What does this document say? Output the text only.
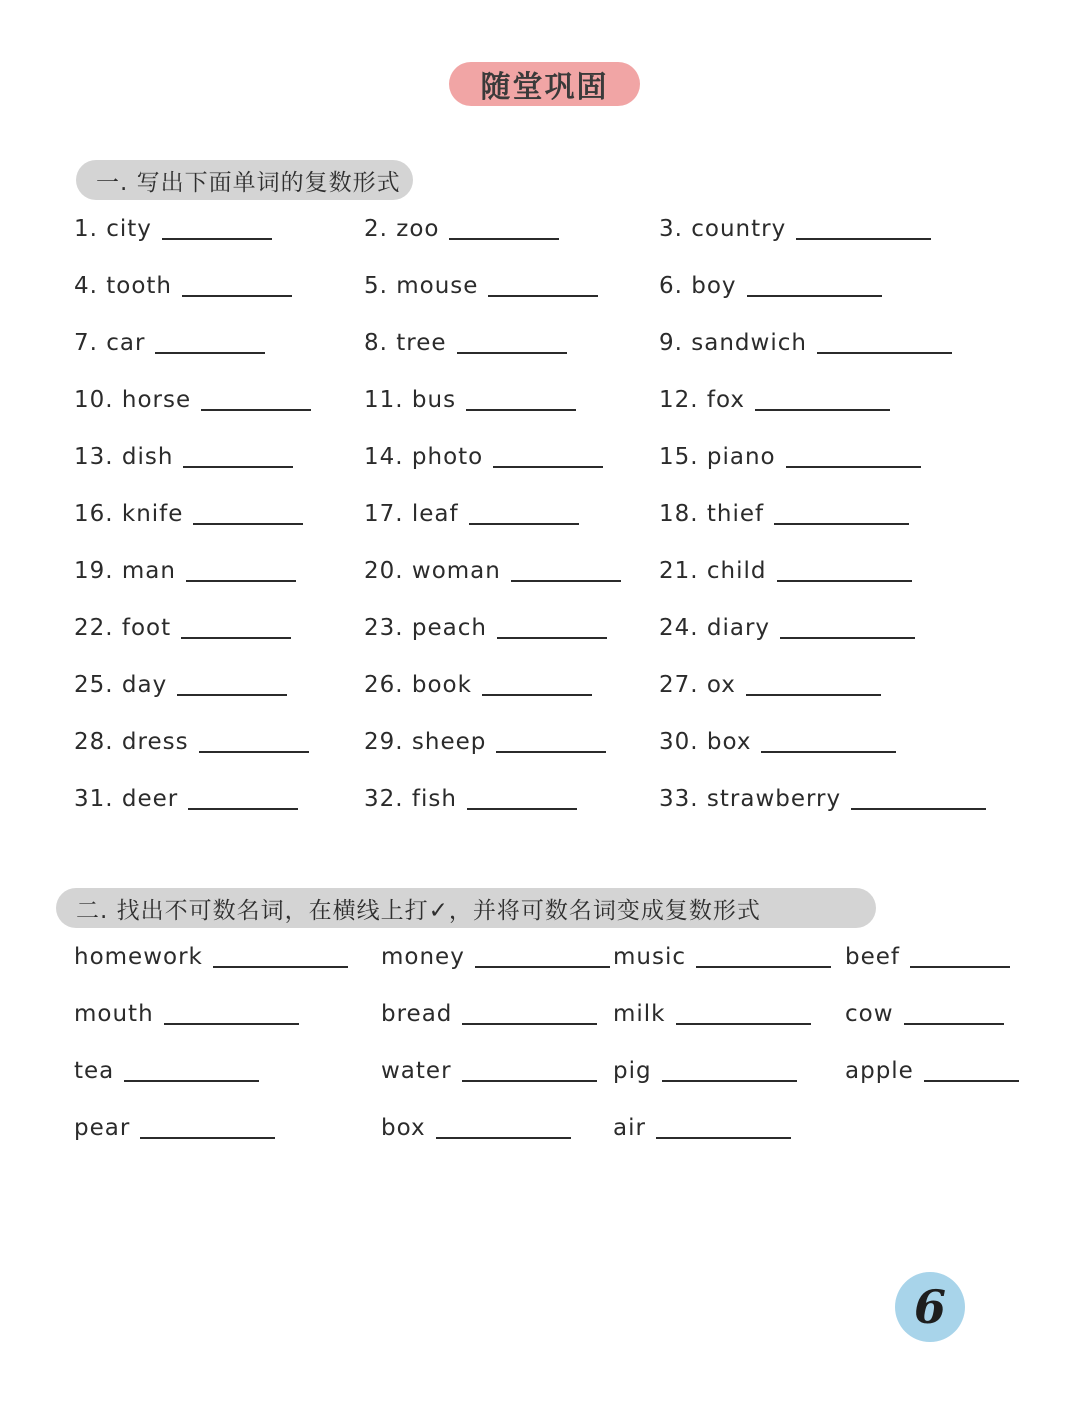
随堂巩固
一. 写出下面单词的复数形式
1. city	2. zoo	3. country
4. tooth	5. mouse	6. boy
7. car	8. tree	9. sandwich
10. horse	11. bus	12. fox
13. dish	14. photo	15. piano
16. knife	17. leaf	18. thief
19. man	20. woman	21. child
22. foot	23. peach	24. diary
25. day	26. book	27. ox
28. dress	29. sheep	30. box
31. deer	32. fish	33. strawberry
二. 找出不可数名词，在横线上打✓，并将可数名词变成复数形式
homework	money	music	beef
mouth	bread	milk	cow
tea	water	pig	apple
pear	box	air
6
